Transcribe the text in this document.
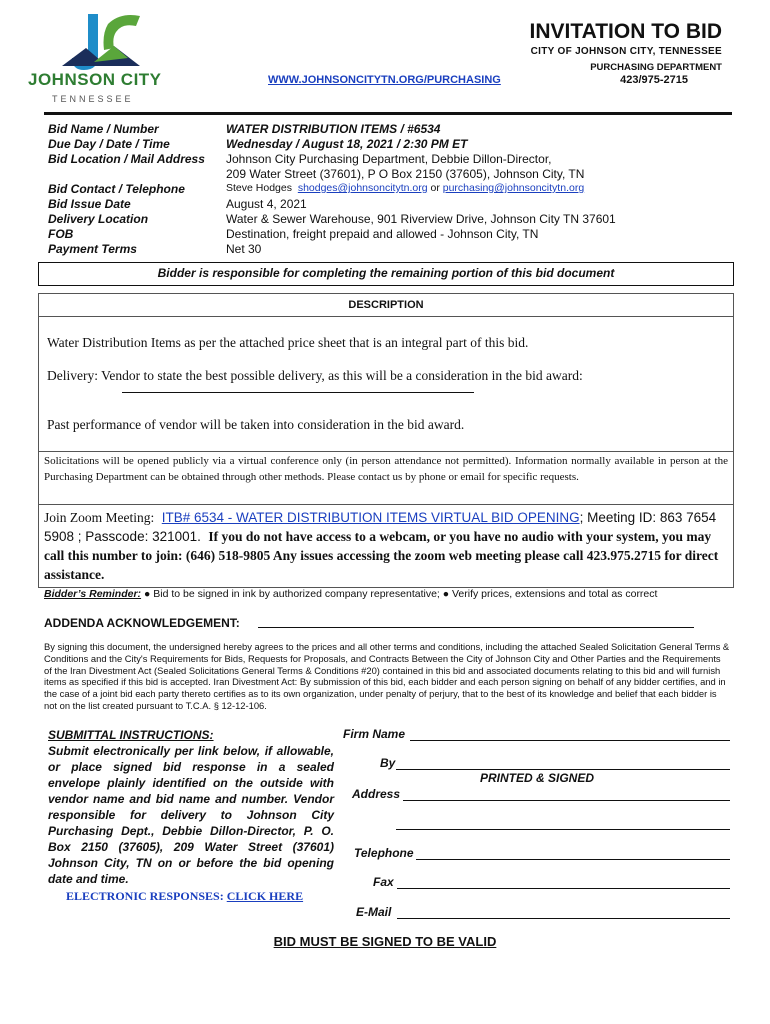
JOHNSON CITY
TENNESSEE
INVITATION TO BID
CITY OF JOHNSON CITY, TENNESSEE
PURCHASING DEPARTMENT
423/975-2715
WWW.JOHNSONCITYTN.ORG/PURCHASING
Bid Name / Number
Due Day / Date / Time
Bid Location / Mail Address
Bid Contact / Telephone
Bid Issue Date
Delivery Location
FOB
Payment Terms
WATER DISTRIBUTION ITEMS / #6534
Wednesday / August 18, 2021 / 2:30 PM ET
Johnson City Purchasing Department, Debbie Dillon-Director,
209 Water Street (37601), P O Box 2150 (37605), Johnson City, TN
Steve Hodges shodges@johnsoncitytn.org or purchasing@johnsoncitytn.org
August 4, 2021
Water & Sewer Warehouse, 901 Riverview Drive, Johnson City TN 37601
Destination, freight prepaid and allowed - Johnson City, TN
Net 30
Bidder is responsible for completing the remaining portion of this bid document
DESCRIPTION
Water Distribution Items as per the attached price sheet that is an integral part of this bid.
Delivery: Vendor to state the best possible delivery, as this will be a consideration in the bid award:
Past performance of vendor will be taken into consideration in the bid award.
Solicitations will be opened publicly via a virtual conference only (in person attendance not permitted). Information normally available in person at the Purchasing Department can be obtained through other methods. Please contact us by phone or email for specific requests.
Join Zoom Meeting: ITB# 6534 - WATER DISTRIBUTION ITEMS VIRTUAL BID OPENING; Meeting ID: 863 7654 5908 ; Passcode: 321001. If you do not have access to a webcam, or you have no audio with your system, you may call this number to join: (646) 518-9805 Any issues accessing the zoom web meeting please call 423.975.2715 for direct assistance.
Bidder’s Reminder: ● Bid to be signed in ink by authorized company representative; ● Verify prices, extensions and total as correct
ADDENDA ACKNOWLEDGEMENT:
By signing this document, the undersigned hereby agrees to the prices and all other terms and conditions, including the attached Sealed Solicitation General Terms & Conditions and the City's Requirements for Bids, Requests for Proposals, and Contracts Between the City of Johnson City and Other Parties and the Requirements of the Iran Divestment Act (Sealed Solicitations General Terms & Conditions #20) contained in this bid and associated documents relating to this bid and will furnish items as specified if this bid is accepted. Iran Divestment Act: By submission of this bid, each bidder and each person signing on behalf of any bidder certifies, and in the case of a joint bid each party thereto certifies as to its own organization, under penalty of perjury, that to the best of its knowledge and belief that each bidder is not on the list created pursuant to T.C.A. § 12-12-106.
SUBMITTAL INSTRUCTIONS:
Submit electronically per link below, if allowable, or place signed bid response in a sealed envelope plainly identified on the outside with vendor name and bid name and number. Vendor responsible for delivery to Johnson City Purchasing Dept., Debbie Dillon-Director, P. O. Box 2150 (37605), 209 Water Street (37601) Johnson City, TN on or before the bid opening date and time.
ELECTRONIC RESPONSES: CLICK HERE
Firm Name
By
PRINTED & SIGNED
Address
Telephone
Fax
E-Mail
BID MUST BE SIGNED TO BE VALID
